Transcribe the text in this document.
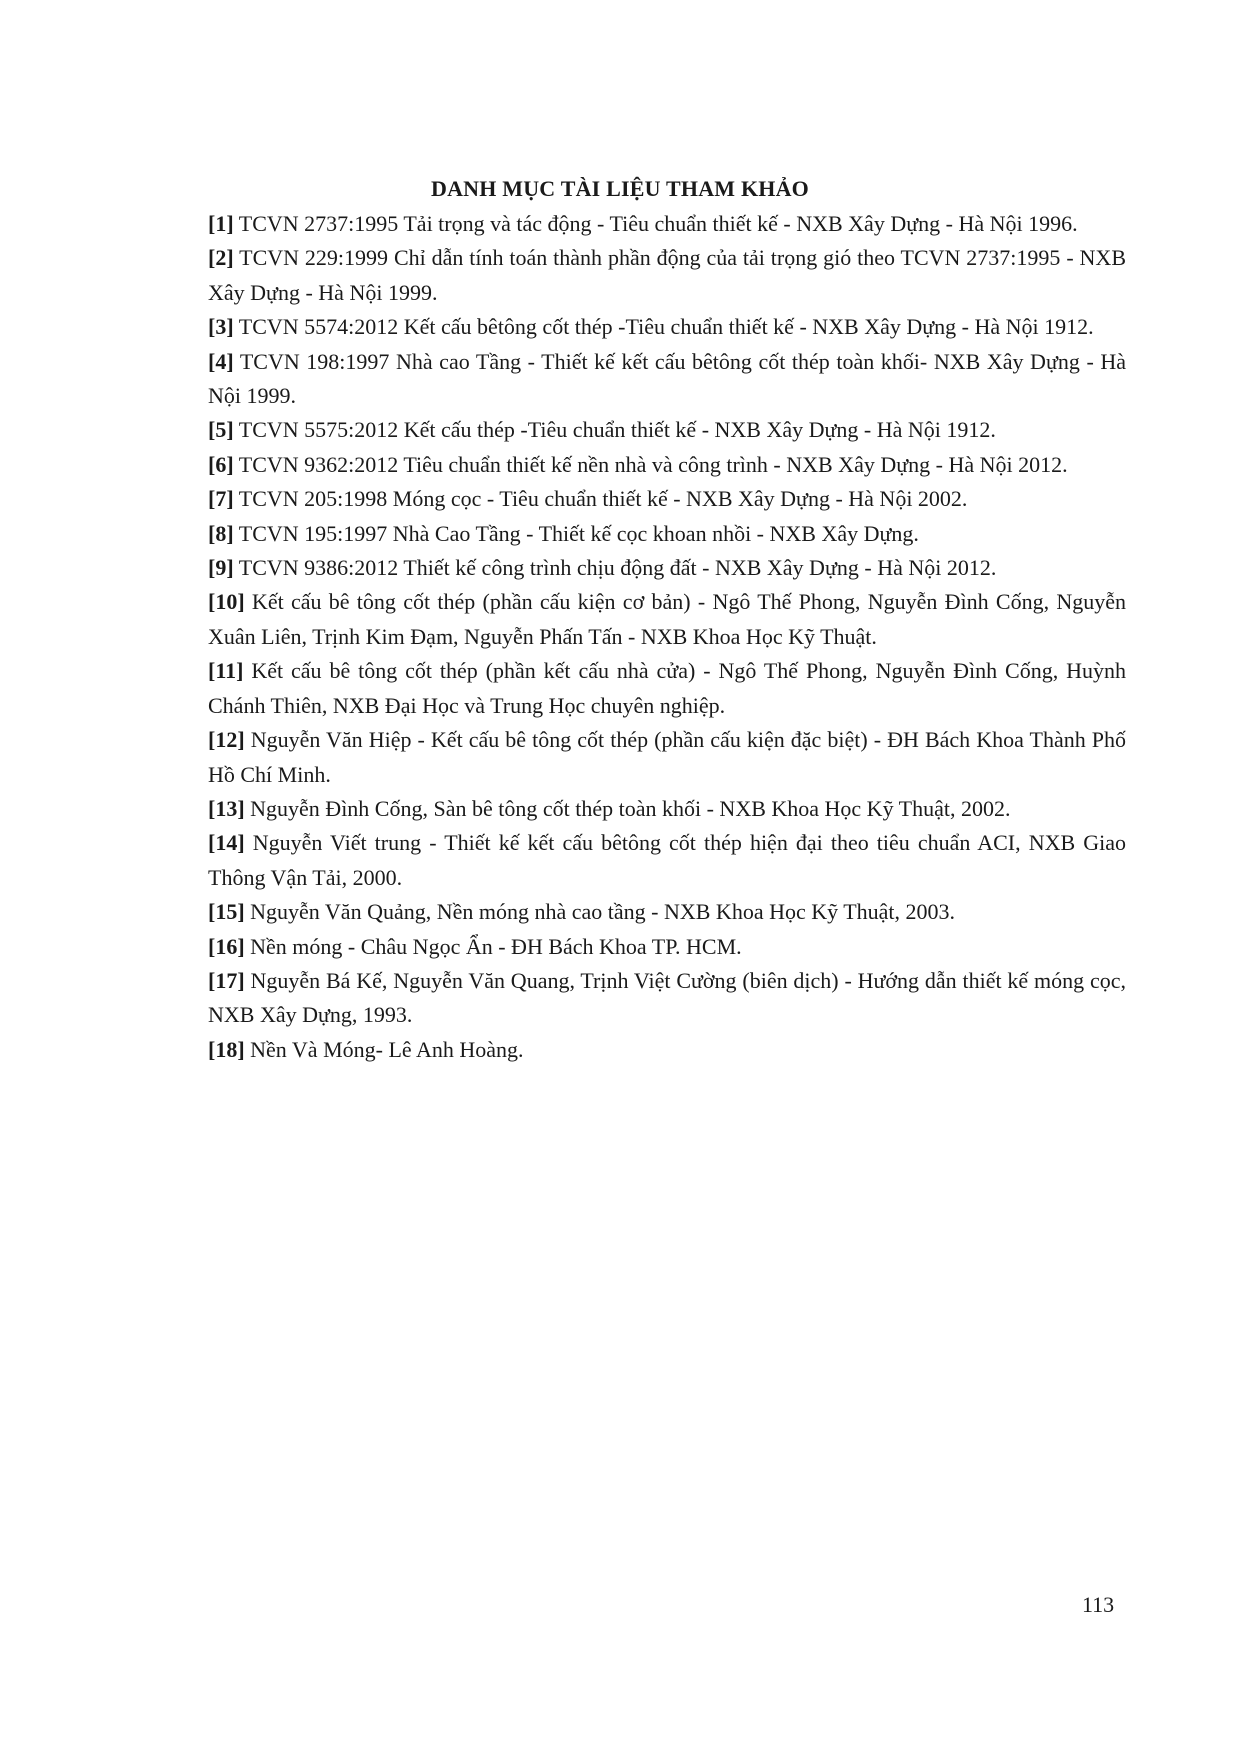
DANH MỤC TÀI LIỆU THAM KHẢO

[1] TCVN 2737:1995 Tải trọng và tác động - Tiêu chuẩn thiết kế - NXB Xây Dựng - Hà Nội 1996.

[2] TCVN 229:1999 Chỉ dẫn tính toán thành phần động của tải trọng gió theo TCVN 2737:1995 - NXB Xây Dựng - Hà Nội 1999.

[3] TCVN 5574:2012 Kết cấu bêtông cốt thép -Tiêu chuẩn thiết kế - NXB Xây Dựng - Hà Nội 1912.

[4] TCVN 198:1997 Nhà cao Tầng - Thiết kế kết cấu bêtông cốt thép toàn khối- NXB Xây Dựng - Hà Nội 1999.

[5] TCVN 5575:2012 Kết cấu thép -Tiêu chuẩn thiết kế - NXB Xây Dựng - Hà Nội 1912.

[6] TCVN 9362:2012 Tiêu chuẩn thiết kế nền nhà và công trình - NXB Xây Dựng - Hà Nội 2012.

[7] TCVN 205:1998 Móng cọc - Tiêu chuẩn thiết kế - NXB Xây Dựng - Hà Nội 2002.

[8] TCVN 195:1997 Nhà Cao Tầng - Thiết kế cọc khoan nhồi - NXB Xây Dựng.

[9] TCVN 9386:2012 Thiết kế công trình chịu động đất - NXB Xây Dựng - Hà Nội 2012.

[10] Kết cấu bê tông cốt thép (phần cấu kiện cơ bản) - Ngô Thế Phong, Nguyễn Đình Cống, Nguyễn Xuân Liên, Trịnh Kim Đạm, Nguyễn Phấn Tấn - NXB Khoa Học Kỹ Thuật.

[11] Kết cấu bê tông cốt thép (phần kết cấu nhà cửa) - Ngô Thế Phong, Nguyễn Đình Cống, Huỳnh Chánh Thiên, NXB Đại Học và Trung Học chuyên nghiệp.

[12] Nguyễn Văn Hiệp - Kết cấu bê tông cốt thép (phần cấu kiện đặc biệt) - ĐH Bách Khoa Thành Phố Hồ Chí Minh.

[13] Nguyễn Đình Cống, Sàn bê tông cốt thép toàn khối - NXB Khoa Học Kỹ Thuật, 2002.

[14] Nguyễn Viết trung - Thiết kế kết cấu bêtông cốt thép hiện đại theo tiêu chuẩn ACI, NXB Giao Thông Vận Tải, 2000.

[15] Nguyễn Văn Quảng, Nền móng nhà cao tầng - NXB Khoa Học Kỹ Thuật, 2003.

[16] Nền móng - Châu Ngọc Ẩn - ĐH Bách Khoa TP. HCM.

[17] Nguyễn Bá Kế, Nguyễn Văn Quang, Trịnh Việt Cường (biên dịch) - Hướng dẫn thiết kế móng cọc, NXB Xây Dựng, 1993.

[18] Nền Và Móng- Lê Anh Hoàng.

113
